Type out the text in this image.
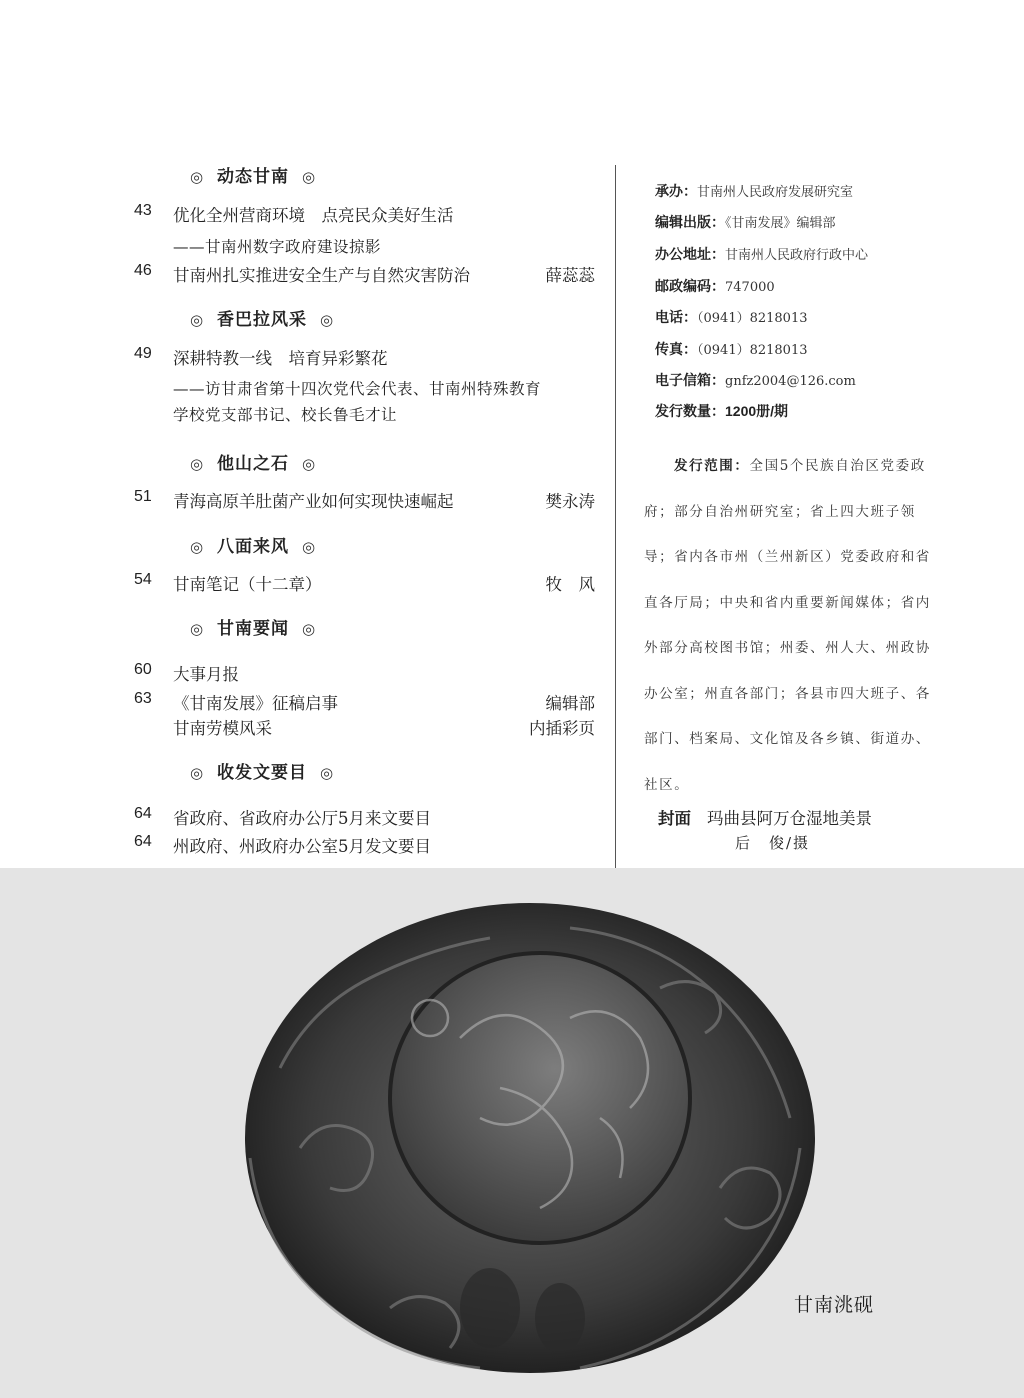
◎ 动态甘南 ◎
43	优化全州营商环境　点亮民众美好生活
——甘南州数字政府建设掠影
46	甘南州扎实推进安全生产与自然灾害防治	薛蕊蕊
◎ 香巴拉风采 ◎
49	深耕特教一线　培育异彩繁花
——访甘肃省第十四次党代会代表、甘南州特殊教育
学校党支部书记、校长鲁毛才让
◎ 他山之石 ◎
51	青海高原羊肚菌产业如何实现快速崛起	樊永涛
◎ 八面来风 ◎
54	甘南笔记（十二章）	牧　风
◎ 甘南要闻 ◎
60	大事月报
63	《甘南发展》征稿启事	编辑部
甘南劳模风采	内插彩页
◎ 收发文要目 ◎
64	省政府、省政府办公厅5月来文要目
64	州政府、州政府办公室5月发文要目
承办：甘南州人民政府发展研究室
编辑出版：《甘南发展》编辑部
办公地址：甘南州人民政府行政中心
邮政编码：747000
电话：（0941）8218013
传真：（0941）8218013
电子信箱：gnfz2004@126.com
发行数量：1200册/期
发行范围：全国5个民族自治区党委政府；部分自治州研究室；省上四大班子领导；省内各市州（兰州新区）党委政府和省直各厅局；中央和省内重要新闻媒体；省内外部分高校图书馆；州委、州人大、州政协办公室；州直各部门；各县市四大班子、各部门、档案局、文化馆及各乡镇、街道办、社区。
封面 玛曲县阿万仓湿地美景
后　俊/摄
甘南洮砚
